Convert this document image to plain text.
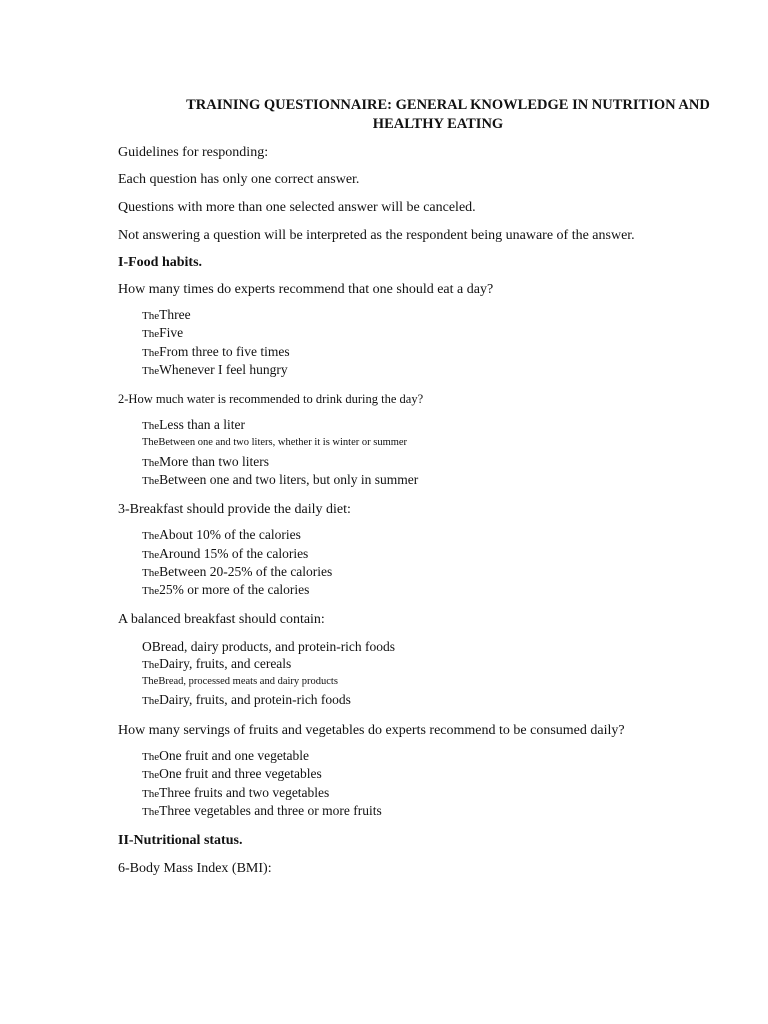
TRAINING QUESTIONNAIRE: GENERAL KNOWLEDGE IN NUTRITION AND
HEALTHY EATING
Guidelines for responding:
Each question has only one correct answer.
Questions with more than one selected answer will be canceled.
Not answering a question will be interpreted as the respondent being unaware of the answer.
I-Food habits.
How many times do experts recommend that one should eat a day?
TheThree
TheFive
TheFrom three to five times
TheWhenever I feel hungry
2-How much water is recommended to drink during the day?
TheLess than a liter
TheBetween one and two liters, whether it is winter or summer
TheMore than two liters
TheBetween one and two liters, but only in summer
3-Breakfast should provide the daily diet:
TheAbout 10% of the calories
TheAround 15% of the calories
TheBetween 20-25% of the calories
The25% or more of the calories
A balanced breakfast should contain:
OBread, dairy products, and protein-rich foods
TheDairy, fruits, and cereals
TheBread, processed meats and dairy products
TheDairy, fruits, and protein-rich foods
How many servings of fruits and vegetables do experts recommend to be consumed daily?
TheOne fruit and one vegetable
TheOne fruit and three vegetables
TheThree fruits and two vegetables
TheThree vegetables and three or more fruits
II-Nutritional status.
6-Body Mass Index (BMI):
